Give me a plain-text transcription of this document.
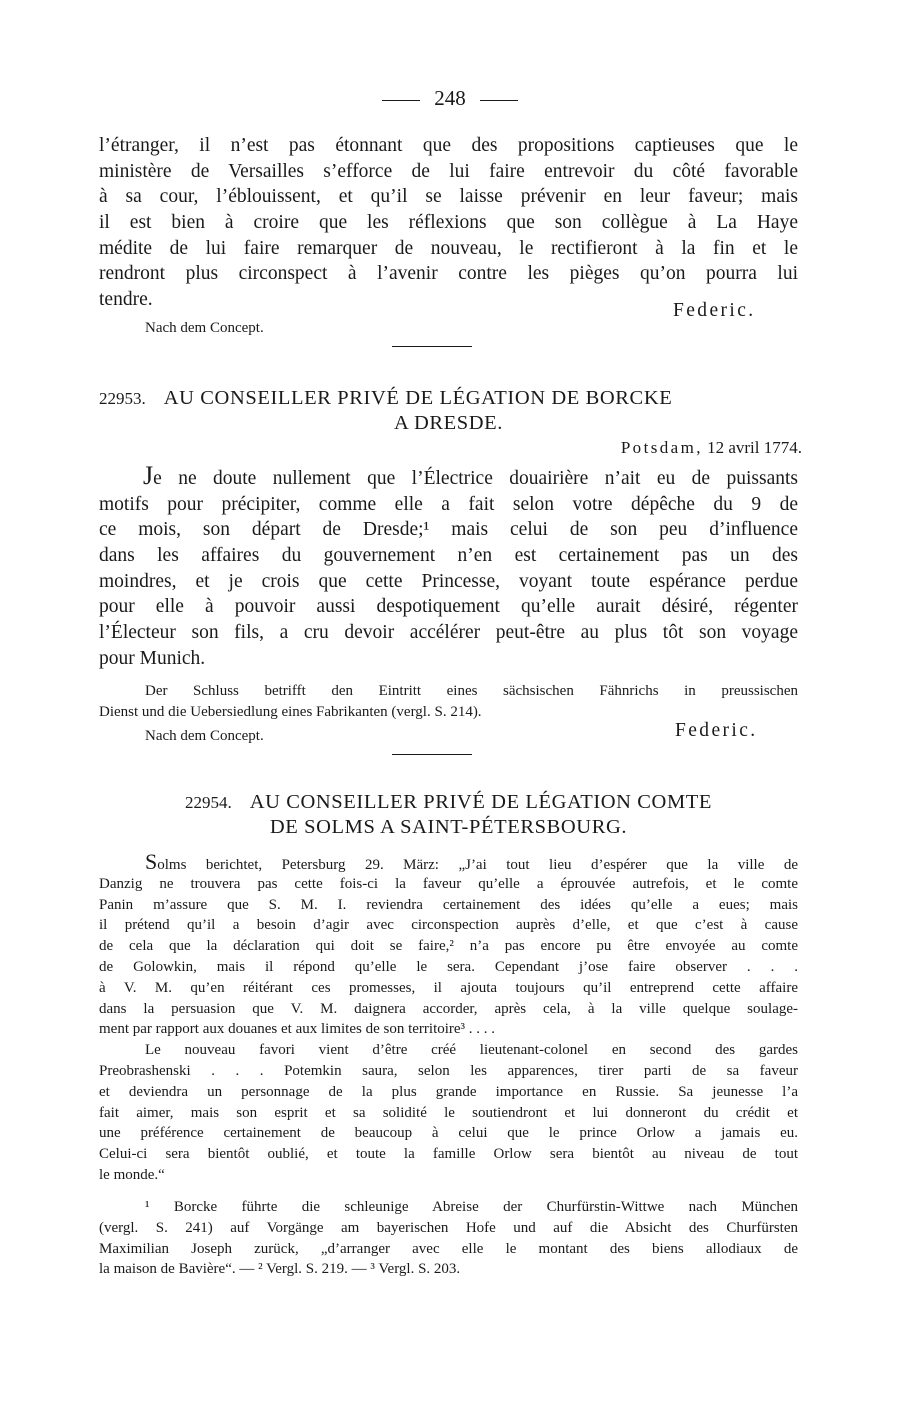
248
l’étranger, il n’est pas étonnant que des propositions captieuses que le
ministère de Versailles s’efforce de lui faire entrevoir du côté favorable
à sa cour, l’éblouissent, et qu’il se laisse prévenir en leur faveur; mais
il est bien à croire que les réflexions que son collègue à La Haye
médite de lui faire remarquer de nouveau, le rectifieront à la fin et le
rendront plus circonspect à l’avenir contre les pièges qu’on pourra lui
tendre.
Federic.
Nach dem Concept.
22953. AU CONSEILLER PRIVÉ DE LÉGATION DE BORCKE
A DRESDE.
Potsdam, 12 avril 1774.
Je ne doute nullement que l’Électrice douairière n’ait eu de puissants
motifs pour précipiter, comme elle a fait selon votre dépêche du 9 de
ce mois, son départ de Dresde;¹ mais celui de son peu d’influence
dans les affaires du gouvernement n’en est certainement pas un des
moindres, et je crois que cette Princesse, voyant toute espérance perdue
pour elle à pouvoir aussi despotiquement qu’elle aurait désiré, régenter
l’Électeur son fils, a cru devoir accélérer peut-être au plus tôt son voyage
pour Munich.
Der Schluss betrifft den Eintritt eines sächsischen Fähnrichs in preussischen
Dienst und die Uebersiedlung eines Fabrikanten (vergl. S. 214).
Nach dem Concept.	Federic.
22954. AU CONSEILLER PRIVÉ DE LÉGATION COMTE
DE SOLMS A SAINT-PÉTERSBOURG.
Solms berichtet, Petersburg 29. März: „J’ai tout lieu d’espérer que la ville de
Danzig ne trouvera pas cette fois-ci la faveur qu’elle a éprouvée autrefois, et le comte
Panin m’assure que S. M. I. reviendra certainement des idées qu’elle a eues; mais
il prétend qu’il a besoin d’agir avec circonspection auprès d’elle, et que c’est à cause
de cela que la déclaration qui doit se faire,² n’a pas encore pu être envoyée au comte
de Golowkin, mais il répond qu’elle le sera. Cependant j’ose faire observer . . .
à V. M. qu’en réitérant ces promesses, il ajouta toujours qu’il entreprend cette affaire
dans la persuasion que V. M. daignera accorder, après cela, à la ville quelque soulage-
ment par rapport aux douanes et aux limites de son territoire³ . . . .
Le nouveau favori vient d’être créé lieutenant-colonel en second des gardes
Preobrashenski . . . Potemkin saura, selon les apparences, tirer parti de sa faveur
et deviendra un personnage de la plus grande importance en Russie. Sa jeunesse l’a
fait aimer, mais son esprit et sa solidité le soutiendront et lui donneront du crédit et
une préférence certainement de beaucoup à celui que le prince Orlow a jamais eu.
Celui-ci sera bientôt oublié, et toute la famille Orlow sera bientôt au niveau de tout
le monde.“
¹ Borcke führte die schleunige Abreise der Churfürstin-Wittwe nach München
(vergl. S. 241) auf Vorgänge am bayerischen Hofe und auf die Absicht des Churfürsten
Maximilian Joseph zurück, „d’arranger avec elle le montant des biens allodiaux de
la maison de Bavière“. — ² Vergl. S. 219. — ³ Vergl. S. 203.
